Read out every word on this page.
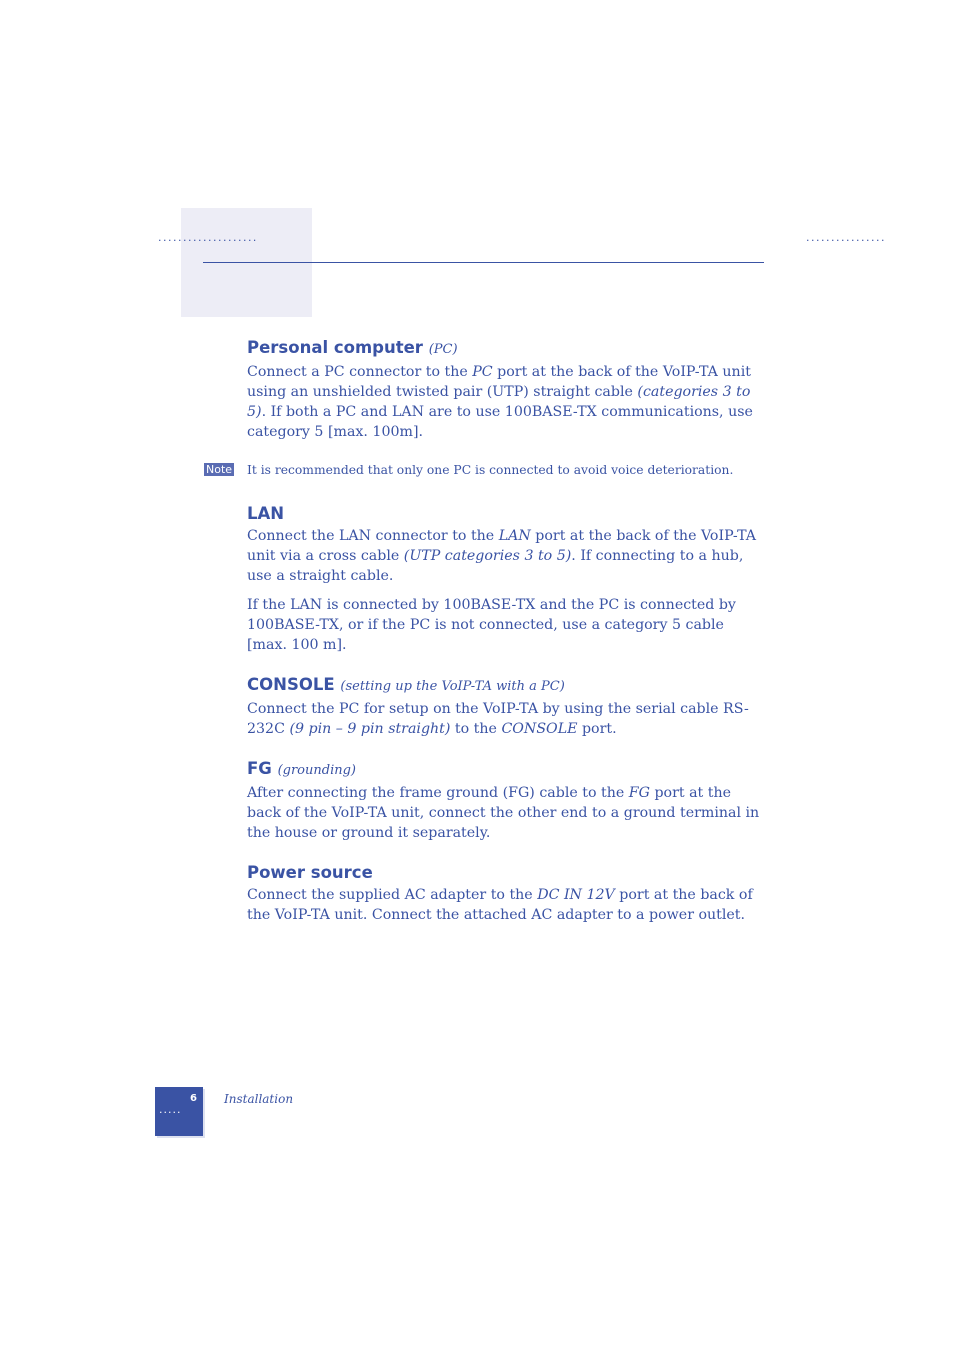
....................	................
Personal computer (PC)

Connect a PC connector to the PC port at the back of the VoIP-TA unit using an unshielded twisted pair (UTP) straight cable (categories 3 to 5). If both a PC and LAN are to use 100BASE-TX communications, use category 5 [max. 100m].

Note It is recommended that only one PC is connected to avoid voice deterioration.
LAN

Connect the LAN connector to the LAN port at the back of the VoIP-TA unit via a cross cable (UTP categories 3 to 5). If connecting to a hub, use a straight cable.

If the LAN is connected by 100BASE-TX and the PC is connected by 100BASE-TX, or if the PC is not connected, use a category 5 cable [max. 100 m].

CONSOLE (setting up the VoIP-TA with a PC)

Connect the PC for setup on the VoIP-TA by using the serial cable RS-232C (9 pin – 9 pin straight) to the CONSOLE port.

FG (grounding)

After connecting the frame ground (FG) cable to the FG port at the back of the VoIP-TA unit, connect the other end to a ground terminal in the house or ground it separately.

Power source

Connect the supplied AC adapter to the DC IN 12V port at the back of the VoIP-TA unit. Connect the attached AC adapter to a power outlet.

6
.....
Installation
